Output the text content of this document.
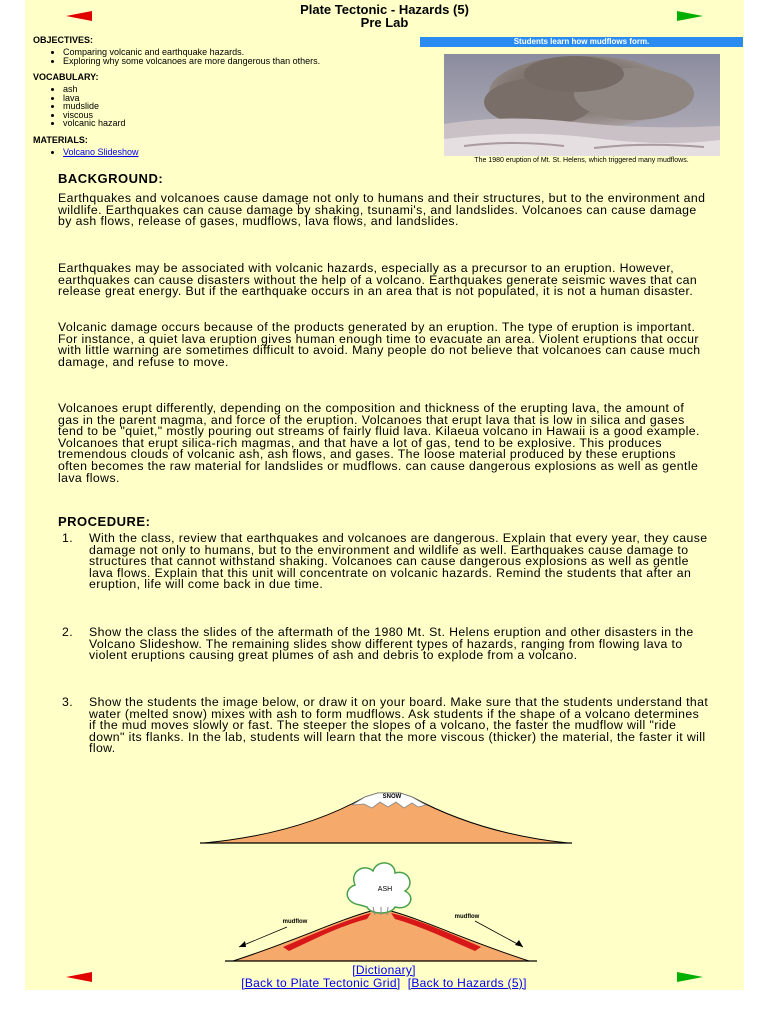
Plate Tectonic - Hazards (5)
Pre Lab
OBJECTIVES:
• Comparing volcanic and earthquake hazards.
• Exploring why some volcanoes are more dangerous than others.
VOCABULARY:
• ash
• lava
• mudslide
• viscous
• volcanic hazard
MATERIALS:
• Volcano Slideshow
Students learn how mudflows form.
The 1980 eruption of Mt. St. Helens, which triggered many mudflows.
BACKGROUND:

Earthquakes and volcanoes cause damage not only to humans and their structures, but to the environment and wildlife. Earthquakes can cause damage by shaking, tsunami's, and landslides. Volcanoes can cause damage by ash flows, release of gases, mudflows, lava flows, and landslides.

Earthquakes may be associated with volcanic hazards, especially as a precursor to an eruption. However, earthquakes can cause disasters without the help of a volcano. Earthquakes generate seismic waves that can release great energy. But if the earthquake occurs in an area that is not populated, it is not a human disaster.

Volcanic damage occurs because of the products generated by an eruption. The type of eruption is important. For instance, a quiet lava eruption gives human enough time to evacuate an area. Violent eruptions that occur with little warning are sometimes difficult to avoid. Many people do not believe that volcanoes can cause much damage, and refuse to move.

Volcanoes erupt differently, depending on the composition and thickness of the erupting lava, the amount of gas in the parent magma, and force of the eruption. Volcanoes that erupt lava that is low in silica and gases tend to be "quiet," mostly pouring out streams of fairly fluid lava. Kilaeua volcano in Hawaii is a good example. Volcanoes that erupt silica-rich magmas, and that have a lot of gas, tend to be explosive. This produces tremendous clouds of volcanic ash, ash flows, and gases. The loose material produced by these eruptions often becomes the raw material for landslides or mudflows. can cause dangerous explosions as well as gentle lava flows.

PROCEDURE:
1. With the class, review that earthquakes and volcanoes are dangerous. Explain that every year, they cause damage not only to humans, but to the environment and wildlife as well. Earthquakes cause damage to structures that cannot withstand shaking. Volcanoes can cause dangerous explosions as well as gentle lava flows. Explain that this unit will concentrate on volcanic hazards. Remind the students that after an eruption, life will come back in due time.
2. Show the class the slides of the aftermath of the 1980 Mt. St. Helens eruption and other disasters in the Volcano Slideshow. The remaining slides show different types of hazards, ranging from flowing lava to violent eruptions causing great plumes of ash and debris to explode from a volcano.
3. Show the students the image below, or draw it on your board. Make sure that the students understand that water (melted snow) mixes with ash to form mudflows. Ask students if the shape of a volcano determines if the mud moves slowly or fast. The steeper the slopes of a volcano, the faster the mudflow will "ride down" its flanks. In the lab, students will learn that the more viscous (thicker) the material, the faster it will flow.
SNOW
ASH
mudflow
mudflow
[Dictionary]
[Back to Plate Tectonic Grid] [Back to Hazards (5)]
